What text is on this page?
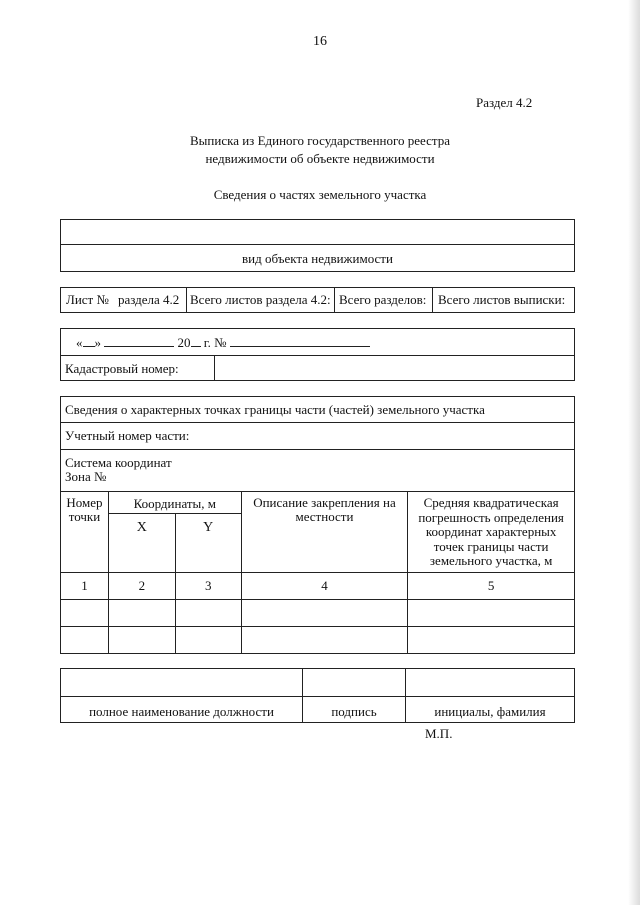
16
Раздел 4.2
Выписка из Единого государственного реестра
недвижимости об объекте недвижимости
Сведения о частях земельного участка
вид объекта недвижимости
Лист № раздела 4.2 Всего листов раздела 4.2: Всего разделов: Всего листов выписки:
« »	20 г. №
Кадастровый номер:
Сведения о характерных точках границы части (частей) земельного участка				
Учетный номер части:				

Система координат
Зона №				

Номер точки	Координаты, м		Описание закрепления на местности	Средняя квадратическая погрешность определения координат характерных точек границы части земельного участка, м
	X	Y		
1	2	3	4	5

полное наименование должности	подпись	инициалы, фамилия
М.П.
